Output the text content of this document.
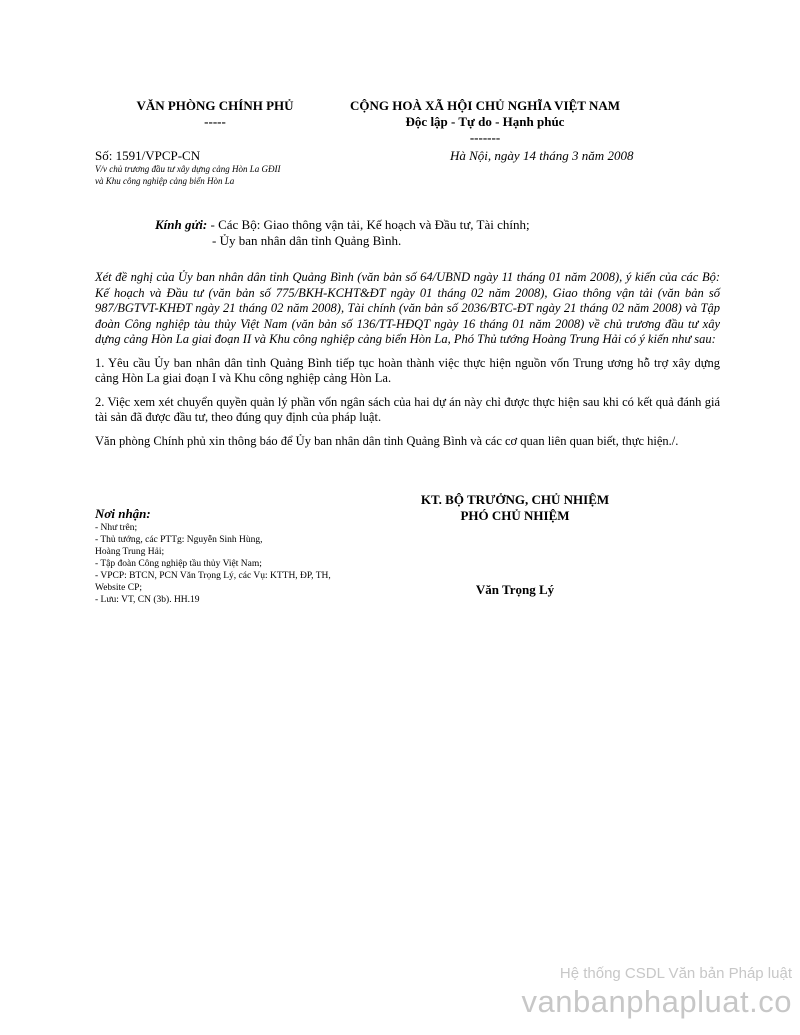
VĂN PHÒNG CHÍNH PHỦ
-----
CỘNG HOÀ XÃ HỘI CHỦ NGHĨA VIỆT NAM
Độc lập - Tự do - Hạnh phúc
-------
Số: 1591/VPCP-CN
V/v chủ trương đầu tư xây dựng cảng Hòn La GĐII
và Khu công nghiệp cảng biển Hòn La
Hà Nội, ngày 14 tháng 3 năm 2008
Kính gửi: - Các Bộ: Giao thông vận tải, Kế hoạch và Đầu tư, Tài chính;
- Ủy ban nhân dân tỉnh Quảng Bình.

Xét đề nghị của Ủy ban nhân dân tỉnh Quảng Bình (văn bản số 64/UBND ngày 11 tháng 01 năm 2008), ý kiến của các Bộ: Kế hoạch và Đầu tư (văn bản số 775/BKH-KCHT&ĐT ngày 01 tháng 02 năm 2008), Giao thông vận tải (văn bản số 987/BGTVT-KHĐT ngày 21 tháng 02 năm 2008), Tài chính (văn bản số 2036/BTC-ĐT ngày 21 tháng 02 năm 2008) và Tập đoàn Công nghiệp tàu thủy Việt Nam (văn bản số 136/TT-HĐQT ngày 16 tháng 01 năm 2008) về chủ trương đầu tư xây dựng cảng Hòn La giai đoạn II và Khu công nghiệp cảng biển Hòn La, Phó Thủ tướng Hoàng Trung Hải có ý kiến như sau:

1. Yêu cầu Ủy ban nhân dân tỉnh Quảng Bình tiếp tục hoàn thành việc thực hiện nguồn vốn Trung ương hỗ trợ xây dựng cảng Hòn La giai đoạn I và Khu công nghiệp cảng Hòn La.

2. Việc xem xét chuyển quyền quản lý phần vốn ngân sách của hai dự án này chỉ được thực hiện sau khi có kết quả đánh giá tài sản đã được đầu tư, theo đúng quy định của pháp luật.

Văn phòng Chính phủ xin thông báo để Ủy ban nhân dân tỉnh Quảng Bình và các cơ quan liên quan biết, thực hiện./.

KT. BỘ TRƯỞNG, CHỦ NHIỆM
PHÓ CHỦ NHIỆM
Văn Trọng Lý
Nơi nhận:
- Như trên;
- Thủ tướng, các PTTg: Nguyễn Sinh Hùng,
Hoàng Trung Hải;
- Tập đoàn Công nghiệp tầu thủy Việt Nam;
- VPCP: BTCN, PCN Văn Trọng Lý, các Vụ: KTTH, ĐP, TH,
Website CP;
- Lưu: VT, CN (3b). HH.19
Hệ thống CSDL Văn bản Pháp luật
vanbanphapluat.co
